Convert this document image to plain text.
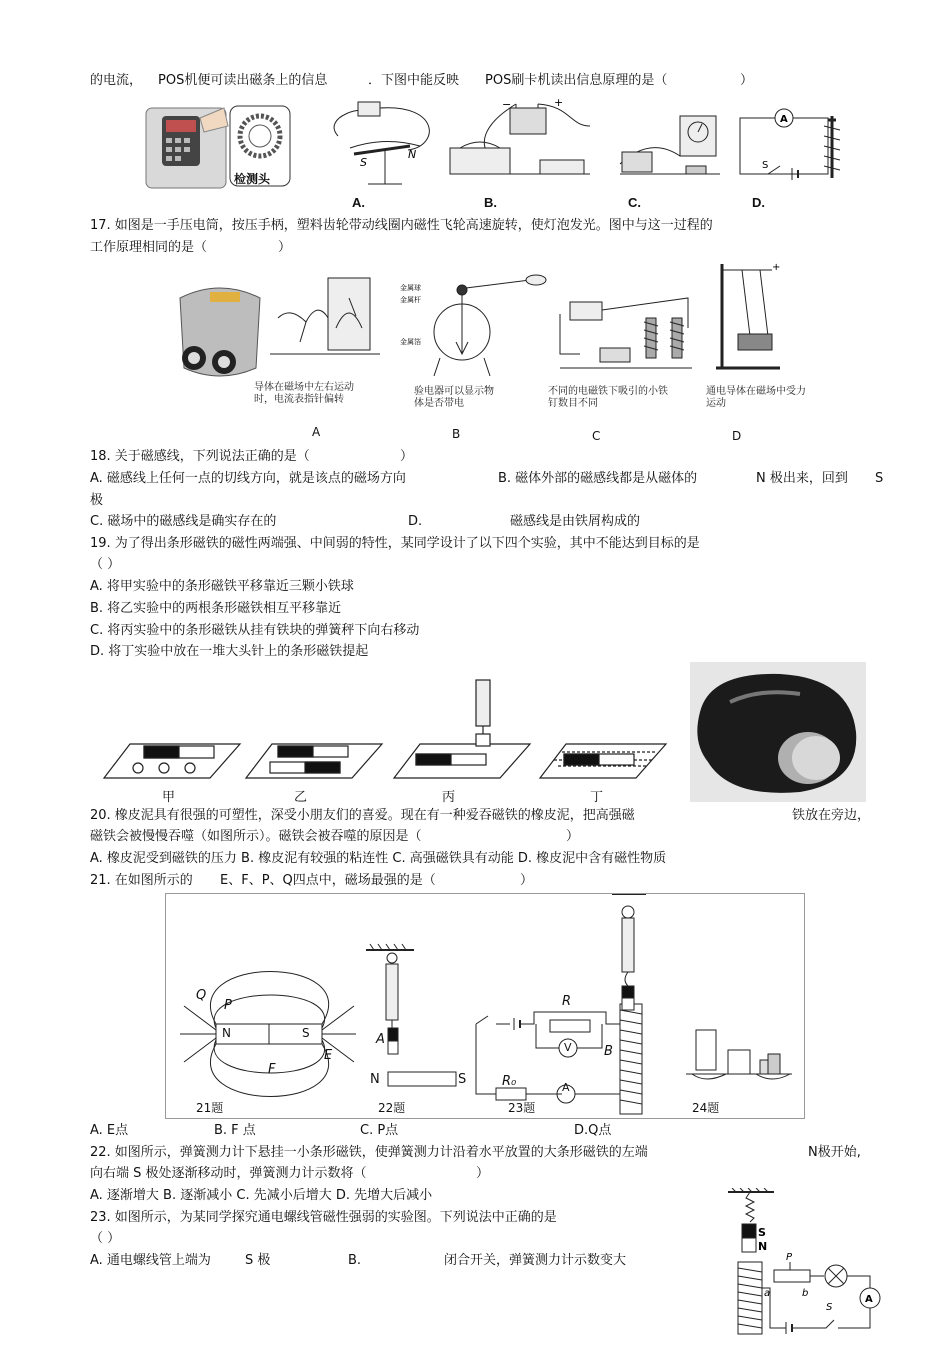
的电流， POS机便可读出磁条上的信息	．下图中能反映 POS刷卡机读出信息原理的是（	）
S
N
−	+
A
S
检测头
A.	B.	C.	D.
17. 如图是一手压电筒，按压手柄，塑料齿轮带动线圈内磁性飞轮高速旋转，使灯泡发光。图中与这一过程的
工作原理相同的是（	）
金属球
金属杆
金属箔
+
导体在磁场中左右运动时，电流表指针偏转
验电器可以显示物体是否带电
不同的电磁铁下吸引的小铁钉数目不同
通电导体在磁场中受力运动
A	B	C	D
18. 关于磁感线，下列说法正确的是（	）
A. 磁感线上任何一点的切线方向，就是该点的磁场方向	B. 磁体外部的磁感线都是从磁体的	N 极出来，回到 S
极
C. 磁场中的磁感线是确实存在的	D.	磁感线是由铁屑构成的
19. 为了得出条形磁铁的磁性两端强、中间弱的特性，某同学设计了以下四个实验，其中不能达到目标的是
（ ）
A. 将甲实验中的条形磁铁平移靠近三颗小铁球
B. 将乙实验中的两根条形磁铁相互平移靠近
C. 将丙实验中的条形磁铁从挂有铁块的弹簧秤下向右移动
D. 将丁实验中放在一堆大头针上的条形磁铁提起
甲	乙	丙	丁
20. 橡皮泥具有很强的可塑性，深受小朋友们的喜爱。现在有一种爱吞磁铁的橡皮泥，把高强磁	铁放在旁边，
磁铁会被慢慢吞噬（如图所示）。磁铁会被吞噬的原因是（	）
A. 橡皮泥受到磁铁的压力 B. 橡皮泥有较强的粘连性 C. 高强磁铁具有动能 D. 橡皮泥中含有磁性物质
21. 在如图所示的 E、F、P、Q四点中，磁场最强的是（	）
N	S
Q
P
E
F
A
N	S
R
V
R₀	A
B
21题	22题	23题	24题
A. E点	B. F 点	C. P点	D.Q点
22. 如图所示，弹簧测力计下悬挂一小条形磁铁，使弹簧测力计沿着水平放置的大条形磁铁的左端	N极开始,
向右端 S 极处逐渐移动时，弹簧测力计示数将（	）
A. 逐渐增大 B. 逐渐减小 C. 先减小后增大 D. 先增大后减小
23. 如图所示，为某同学探究通电螺线管磁性强弱的实验图。下列说法中正确的是
（ ）
A. 通电螺线管上端为	S 极	B.	闭合开关，弹簧测力计示数变大
S
N
P
a	b
S
A
